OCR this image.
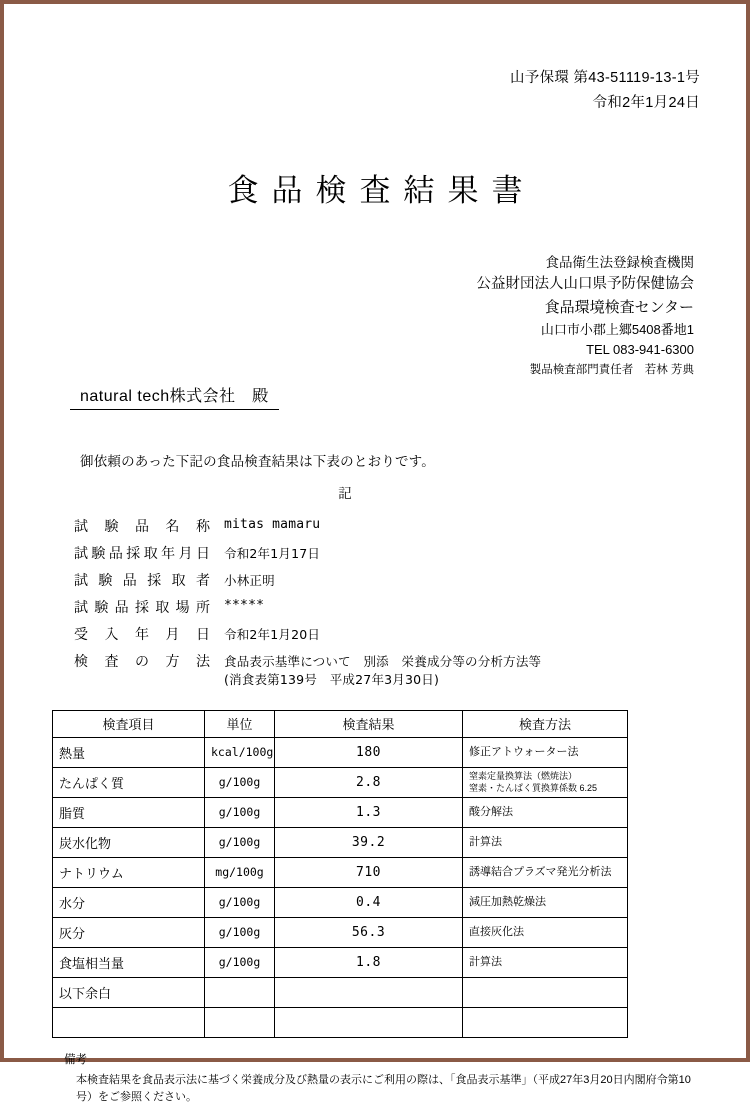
山予保環 第43-51119-13-1号
令和2年1月24日
食品検査結果書
食品衛生法登録検査機関
公益財団法人山口県予防保健協会
食品環境検査センター
山口市小郡上郷5408番地1
TEL 083-941-6300
製品検査部門責任者　若林 芳典
natural tech株式会社　殿
御依頼のあった下記の食品検査結果は下表のとおりです。
記
試験品名称	mitas mamaru
試験品採取年月日	令和2年1月17日
試験品採取者	小林正明
試験品採取場所	*****
受入年月日	令和2年1月20日
検査の方法	食品表示基準について　別添　栄養成分等の分析方法等
(消食表第139号　平成27年3月30日)
検査項目	単位	検査結果	検査方法
熱量	kcal/100g	180	修正アトウォーター法
たんぱく質	g/100g	2.8	窒素定量換算法（燃焼法）
窒素・たんぱく質換算係数 6.25

脂質	g/100g	1.3	酸分解法
炭水化物	g/100g	39.2	計算法
ナトリウム	mg/100g	710	誘導結合プラズマ発光分析法
水分	g/100g	0.4	減圧加熱乾燥法
灰分	g/100g	56.3	直接灰化法
食塩相当量	g/100g	1.8	計算法
以下余白			

備考
本検査結果を食品表示法に基づく栄養成分及び熱量の表示にご利用の際は、「食品表示基準」（平成27年3月20日内閣府令第10号）をご参照ください。
